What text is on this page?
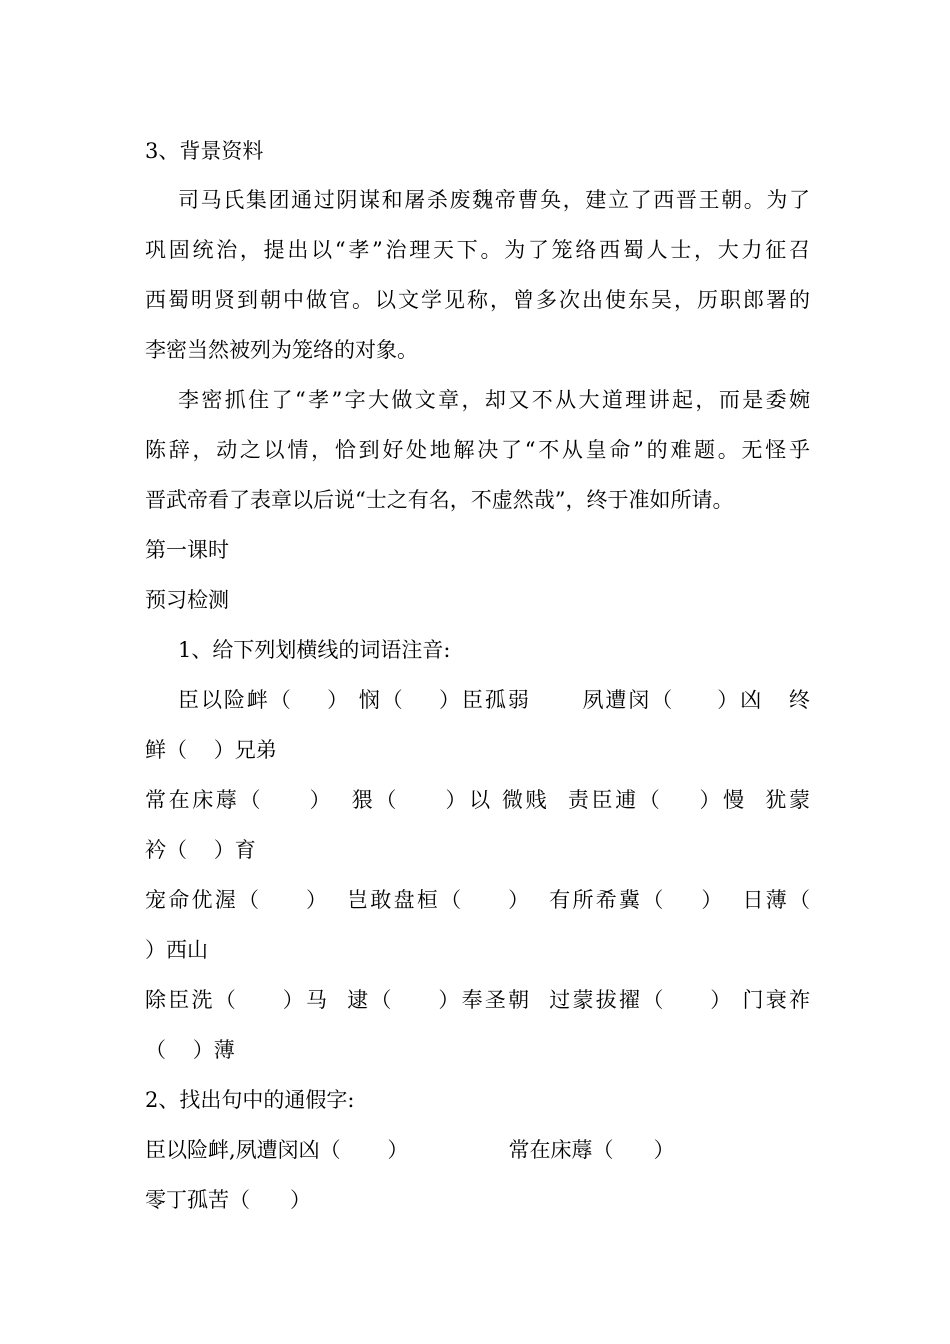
3、背景资料
司马氏集团通过阴谋和屠杀废魏帝曹奂，建立了西晋王朝。为了
巩固统治，提出以“孝”治理天下。为了笼络西蜀人士，大力征召
西蜀明贤到朝中做官。以文学见称，曾多次出使东吴，历职郎署的
李密当然被列为笼络的对象。
李密抓住了“孝”字大做文章，却又不从大道理讲起，而是委婉
陈辞，动之以情，恰到好处地解决了“不从皇命”的难题。无怪乎
晋武帝看了表章以后说“士之有名，不虚然哉”，终于准如所请。
第一课时
预习检测
1、给下列划横线的词语注音:
臣以险衅（    ） 悯（    ）臣孤弱      夙遭闵（     ）凶   终
鲜（    ）兄弟
常在床蓐（     ）  猥（     ）以 微贱  责臣逋（    ）慢  犹蒙
衿（    ）育
宠命优渥（     ）  岂敢盘桓（     ）  有所希冀（    ）  日薄（
）西山
除臣洗（     ）马  逮（     ）奉圣朝  过蒙拔擢（     ） 门衰祚
（    ）薄
2、找出句中的通假字:
臣以险衅,夙遭闵凶（       ）               常在床蓐（      ）
零丁孤苦（      ）
